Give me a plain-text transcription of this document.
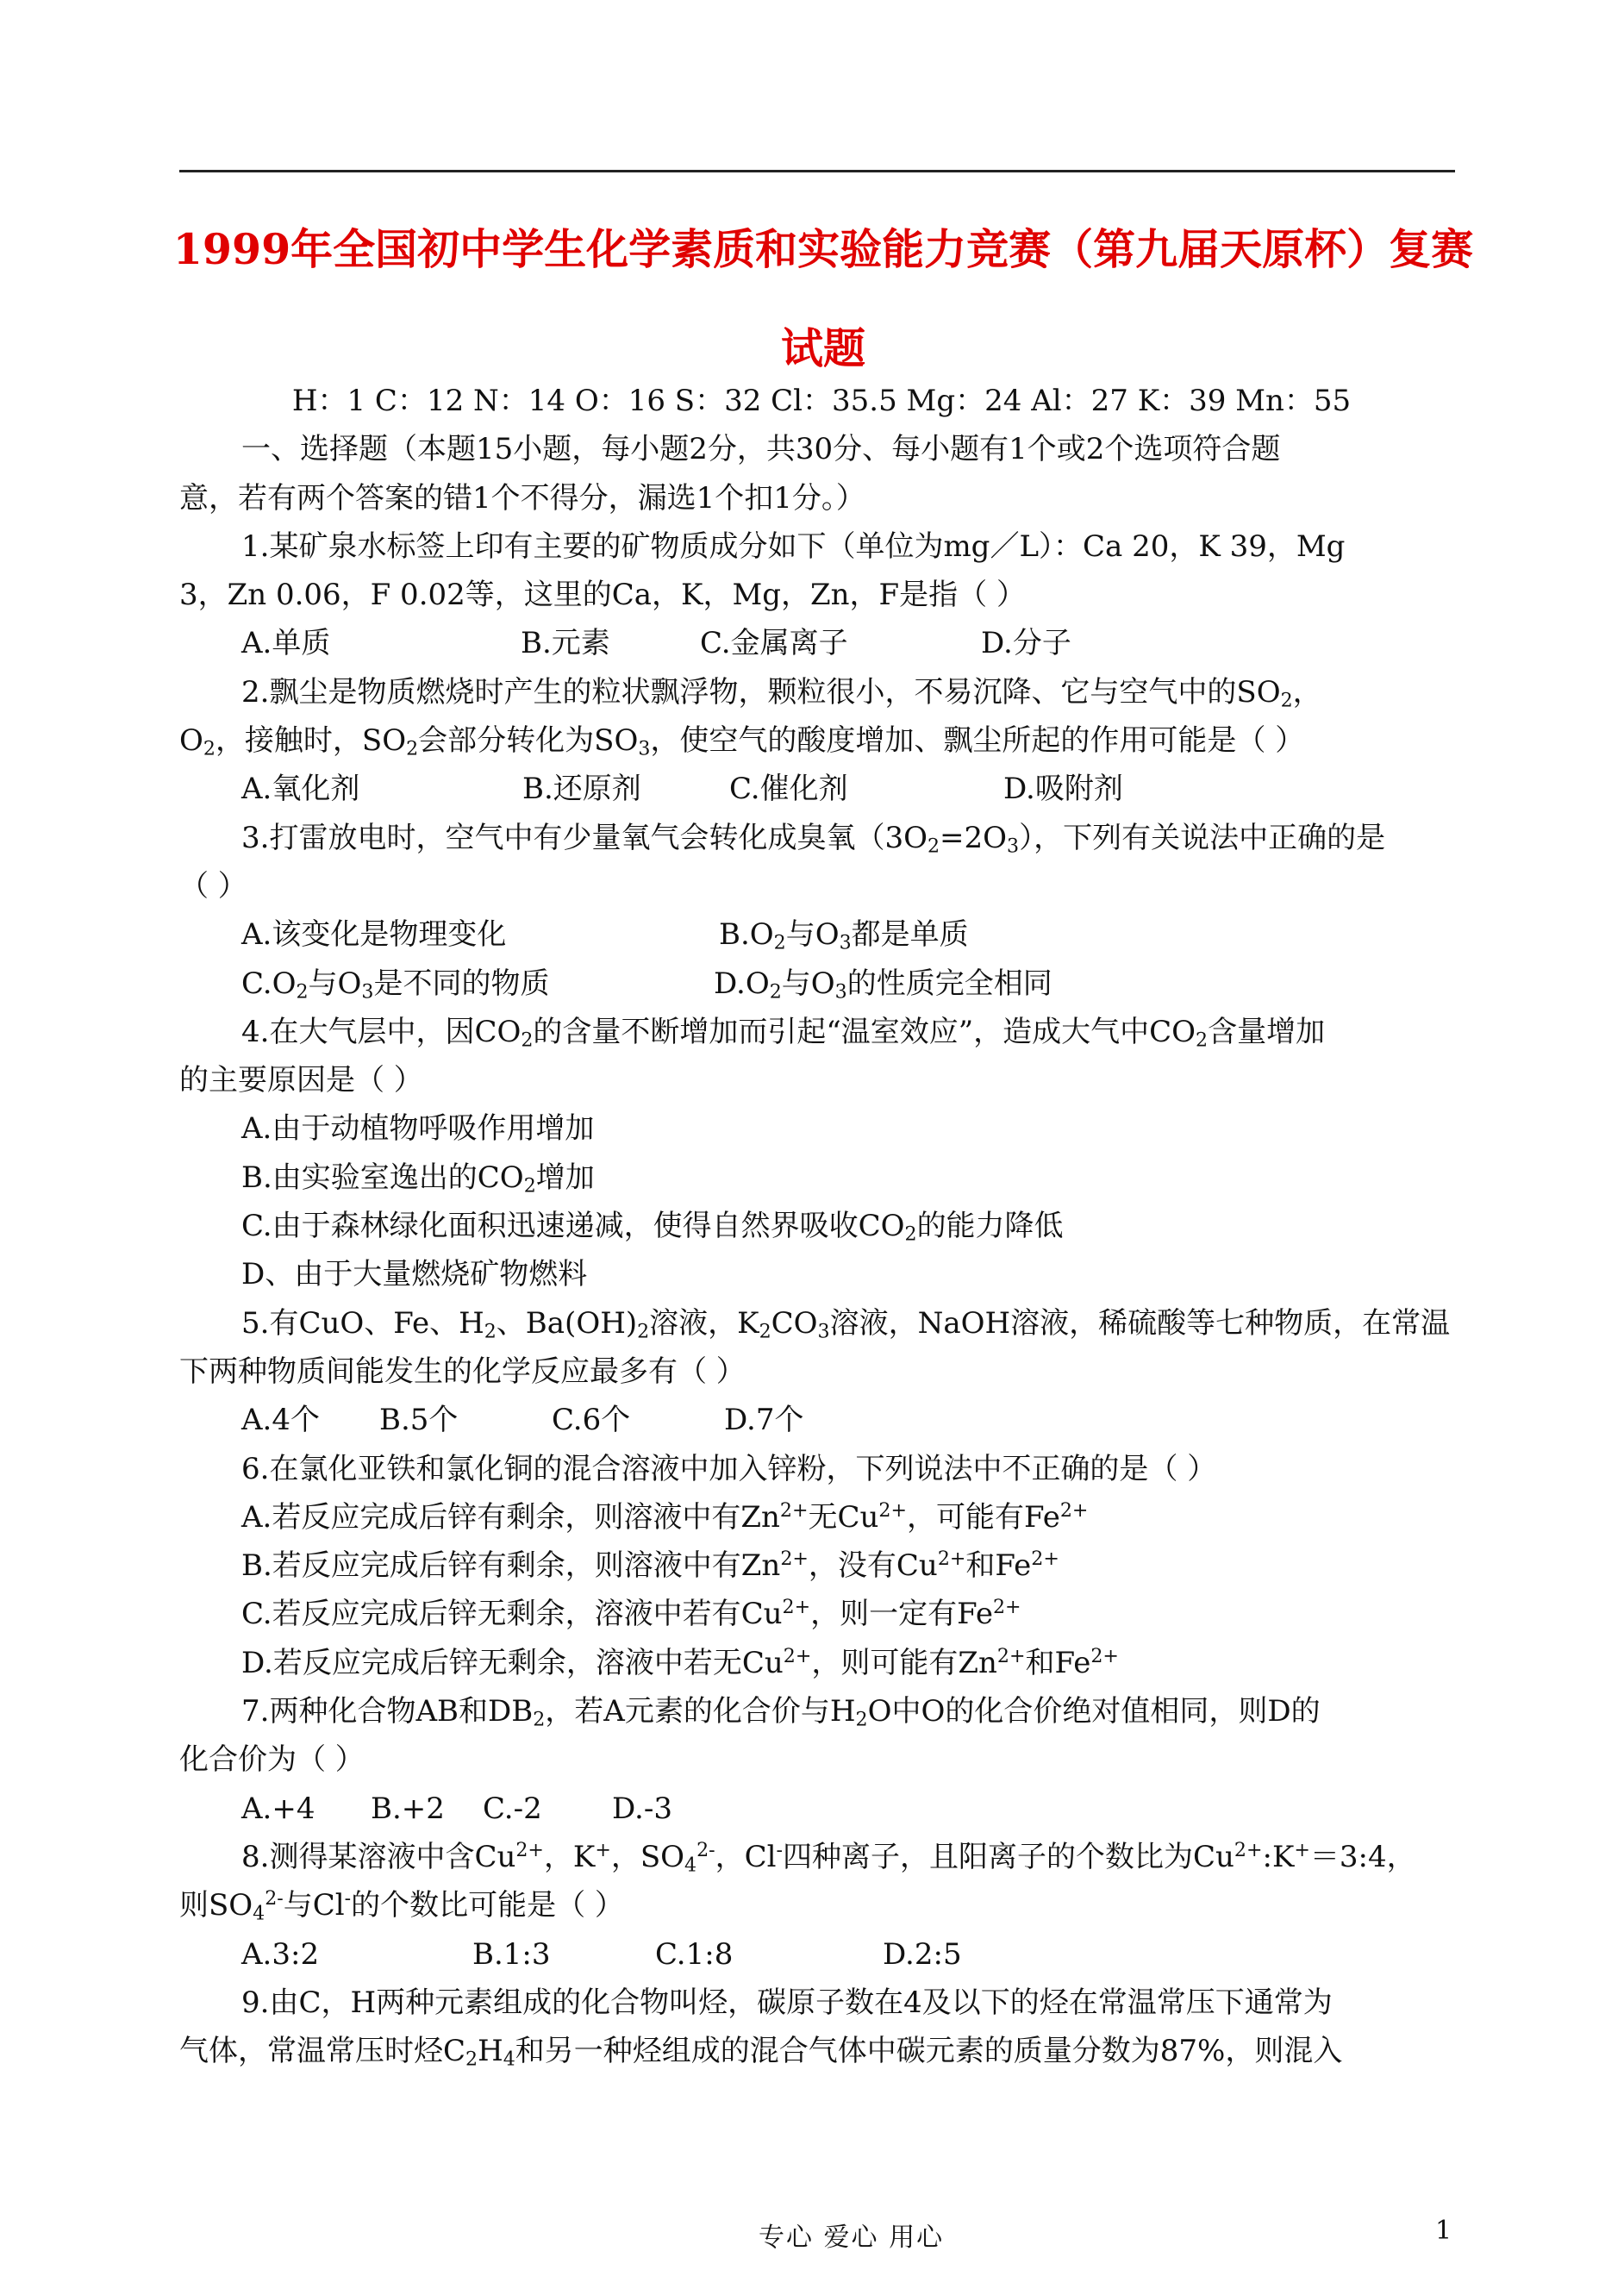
1999年全国初中学生化学素质和实验能力竞赛（第九届天原杯）复赛试题
H：1 C：12 N：14 O：16 S：32 Cl：35.5 Mg：24 Al：27 K：39 Mn：55
一、选择题（本题15小题，每小题2分，共30分、每小题有1个或2个选项符合题
意，若有两个答案的错1个不得分，漏选1个扣1分。）
1.某矿泉水标签上印有主要的矿物质成分如下（单位为mg／L）：Ca 20，K 39，Mg
3，Zn 0.06，F 0.02等，这里的Ca，K，Mg，Zn，F是指（ ）
A.单质	B.元素	C.金属离子	D.分子
2.飘尘是物质燃烧时产生的粒状飘浮物，颗粒很小，不易沉降、它与空气中的$SO_2$，
$O_2$，接触时，$SO_2$会部分转化为$SO_3$，使空气的酸度增加、飘尘所起的作用可能是（ ）
A.氧化剂	B.还原剂	C.催化剂	D.吸附剂
3.打雷放电时，空气中有少量氧气会转化成臭氧$(3O_2=2O_3)$，下列有关说法中正确的是
（ ）
A.该变化是物理变化	$B.O_2$与$O_3$都是单质
$C.O_2$与$O_3$是不同的物质	$D.O_2$与$O_3$的性质完全相同
4.在大气层中，因$CO_2$的含量不断增加而引起“温室效应”，造成大气中$CO_2$含量增加
的主要原因是（ ）
A.由于动植物呼吸作用增加
B.由实验室逸出的$CO_2$增加
C.由于森林绿化面积迅速递减，使得自然界吸收$CO_2$的能力降低
D、由于大量燃烧矿物燃料
5.有CuO、Fe、$H_2$、$Ba(OH)_2$溶液，$K_2CO_3$溶液，NaOH溶液，稀硫酸等七种物质，在常温
下两种物质间能发生的化学反应最多有（ ）
A.4个 B.5个	C.6个	D.7个
6.在氯化亚铁和氯化铜的混合溶液中加入锌粉，下列说法中不正确的是（ ）
A.若反应完成后锌有剩余，则溶液中有$Zn^{2+}$无$Cu^{2+}$，可能有$Fe^{2+}$
B.若反应完成后锌有剩余，则溶液中有$Zn^{2+}$，没有$Cu^{2+}$和$Fe^{2+}$
C.若反应完成后锌无剩余，溶液中若有$Cu^{2+}$，则一定有$Fe^{2+}$
D.若反应完成后锌无剩余，溶液中若无$Cu^{2+}$，则可能有$Zn^{2+}$和$Fe^{2+}$
7.两种化合物AB和$DB_2$，若A元素的化合价与$H_2O$中O的化合价绝对值相同，则D的
化合价为（ ）
A.+4 B.+2 C.-2 D.-3
8.测得某溶液中含$Cu^{2+}$，K+，$SO_4^{2-}$，Cl-四种离子，且阳离子的个数比为$Cu^{2+}:K^+=3:4$，
则$SO_4^{2-}$与Cl-的个数比可能是（ ）
A.3:2	B.1:3	C.1:8	D.2:5
9.由C，H两种元素组成的化合物叫烃，碳原子数在4及以下的烃在常温常压下通常为
气体，常温常压时烃$C_2H_4$和另一种烃组成的混合气体中碳元素的质量分数为87%，则混入
专心 爱心 用心	1
